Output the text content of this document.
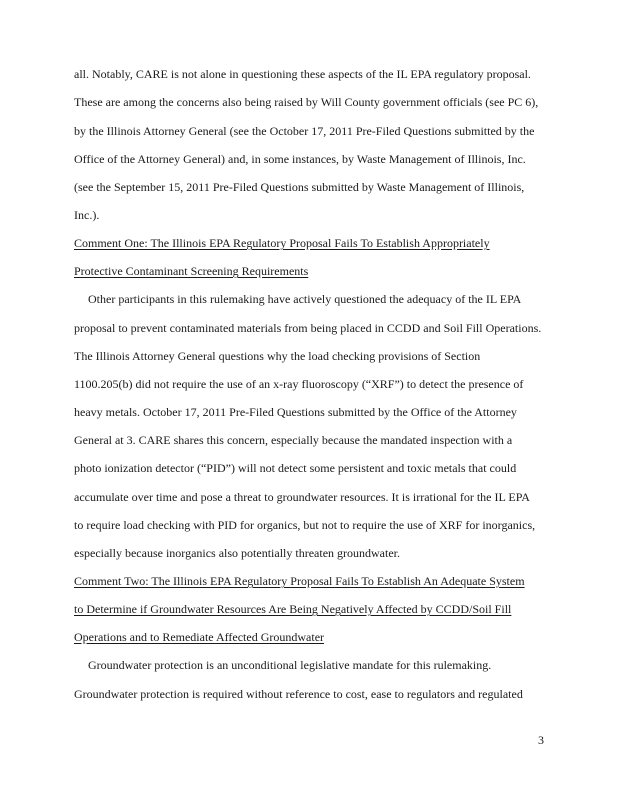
all. Notably, CARE is not alone in questioning these aspects of the IL EPA regulatory proposal.
These are among the concerns also being raised by Will County government officials (see PC 6),
by the Illinois Attorney General (see the October 17, 2011 Pre-Filed Questions submitted by the
Office of the Attorney General) and, in some instances, by Waste Management of Illinois, Inc.
(see the September 15, 2011 Pre-Filed Questions submitted by Waste Management of Illinois,
Inc.).
Comment One: The Illinois EPA Regulatory Proposal Fails To Establish Appropriately
Protective Contaminant Screening Requirements
Other participants in this rulemaking have actively questioned the adequacy of the IL EPA
proposal to prevent contaminated materials from being placed in CCDD and Soil Fill Operations.
The Illinois Attorney General questions why the load checking provisions of Section
1100.205(b) did not require the use of an x-ray fluoroscopy (“XRF”) to detect the presence of
heavy metals. October 17, 2011 Pre-Filed Questions submitted by the Office of the Attorney
General at 3. CARE shares this concern, especially because the mandated inspection with a
photo ionization detector (“PID”) will not detect some persistent and toxic metals that could
accumulate over time and pose a threat to groundwater resources. It is irrational for the IL EPA
to require load checking with PID for organics, but not to require the use of XRF for inorganics,
especially because inorganics also potentially threaten groundwater.
Comment Two: The Illinois EPA Regulatory Proposal Fails To Establish An Adequate System
to Determine if Groundwater Resources Are Being Negatively Affected by CCDD/Soil Fill
Operations and to Remediate Affected Groundwater
Groundwater protection is an unconditional legislative mandate for this rulemaking.
Groundwater protection is required without reference to cost, ease to regulators and regulated
3
